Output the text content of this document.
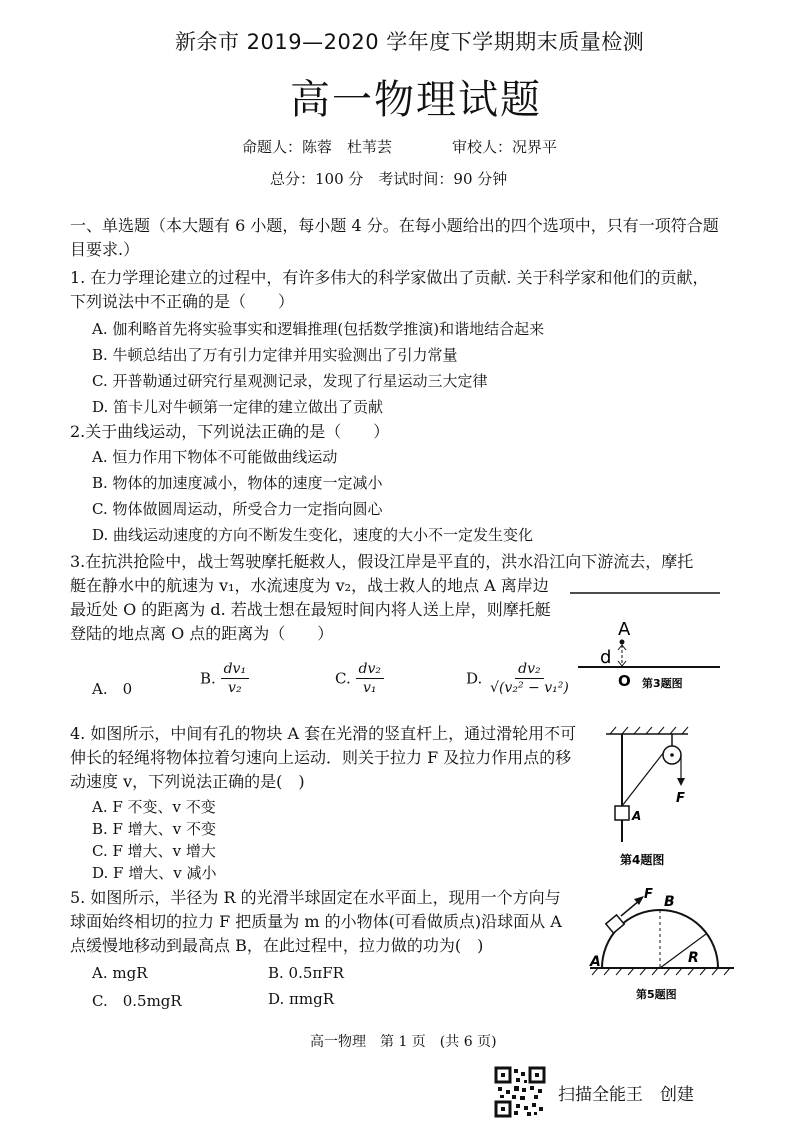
新余市 2019—2020 学年度下学期期末质量检测
高一物理试题
命题人：陈蓉　杜苇芸	审校人：况界平
总分：100 分　考试时间：90 分钟
一、单选题（本大题有 6 小题，每小题 4 分。在每小题给出的四个选项中，只有一项符合题
目要求.）
1. 在力学理论建立的过程中，有许多伟大的科学家做出了贡献. 关于科学家和他们的贡献，
下列说法中不正确的是（　　）
A. 伽利略首先将实验事实和逻辑推理(包括数学推演)和谐地结合起来
B. 牛顿总结出了万有引力定律并用实验测出了引力常量
C. 开普勒通过研究行星观测记录，发现了行星运动三大定律
D. 笛卡儿对牛顿第一定律的建立做出了贡献
2.关于曲线运动，下列说法正确的是（　　）
A. 恒力作用下物体不可能做曲线运动
B. 物体的加速度减小，物体的速度一定减小
C. 物体做圆周运动，所受合力一定指向圆心
D. 曲线运动速度的方向不断发生变化，速度的大小不一定发生变化
3.在抗洪抢险中，战士驾驶摩托艇救人，假设江岸是平直的，洪水沿江向下游流去，摩托
艇在静水中的航速为 v₁，水流速度为 v₂，战士救人的地点 A 离岸边
最近处 O 的距离为 d. 若战士想在最短时间内将人送上岸，则摩托艇
登陆的地点离 O 点的距离为（　　）
A.　0
B. $\frac{\text{dv₁}}{\text{v₂}}$	C. $\frac{\text{dv₂}}{\text{v₁}}$	D. $\frac{\text{dv₂}}{\text{√(v₂² − v₁²)}}$
A
d
O 第3题图
4. 如图所示，中间有孔的物块 A 套在光滑的竖直杆上，通过滑轮用不可
伸长的轻绳将物体拉着匀速向上运动．则关于拉力 F 及拉力作用点的移
动速度 v，下列说法正确的是(　)
A. F 不变、v 不变
B. F 增大、v 不变
C. F 增大、v 增大
D. F 增大、v 减小
F
A
第4题图
5. 如图所示，半径为 R 的光滑半球固定在水平面上，现用一个方向与
球面始终相切的拉力 F 把质量为 m 的小物体(可看做质点)沿球面从 A
点缓慢地移动到最高点 B，在此过程中，拉力做的功为(　)
A. mgR	B. 0.5πFR
C.　0.5mgR	D. πmgR
F B
A	R
第5题图
高一物理　第 1 页　(共 6 页)
扫描全能王　创建
